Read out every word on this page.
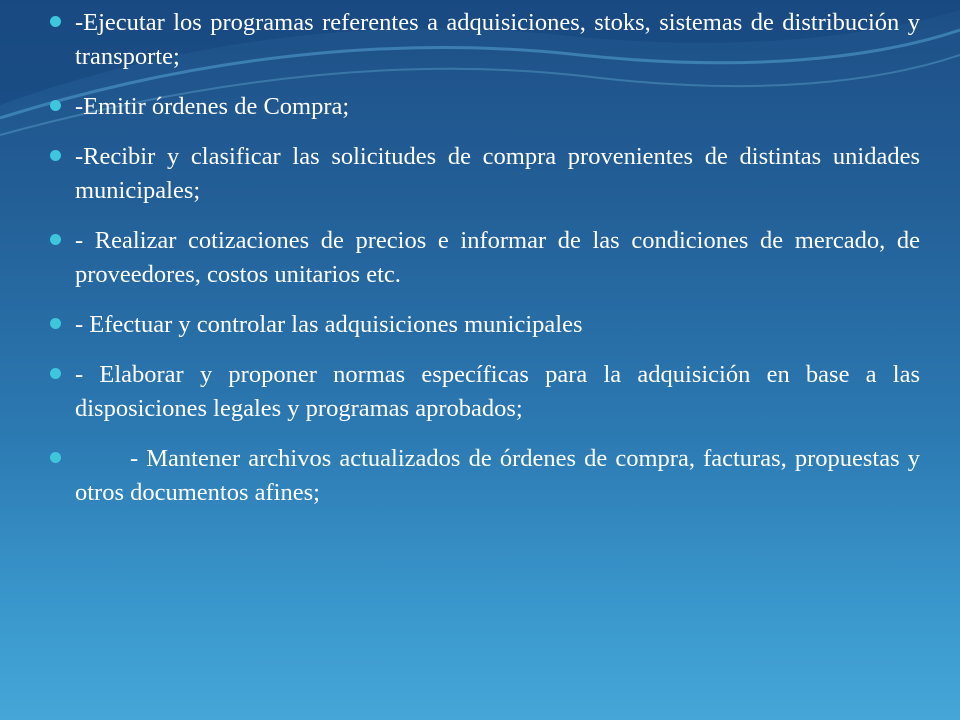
-Ejecutar los programas referentes a adquisiciones, stoks, sistemas de distribución y transporte;
-Emitir órdenes de Compra;
-Recibir y clasificar las solicitudes de compra provenientes de distintas unidades municipales;
- Realizar cotizaciones de precios e informar de las condiciones de mercado, de proveedores, costos unitarios etc.
- Efectuar y controlar las adquisiciones municipales
- Elaborar y proponer normas específicas para la adquisición en base a las disposiciones legales y programas aprobados;
- Mantener archivos actualizados de órdenes de compra, facturas, propuestas y otros documentos afines;
